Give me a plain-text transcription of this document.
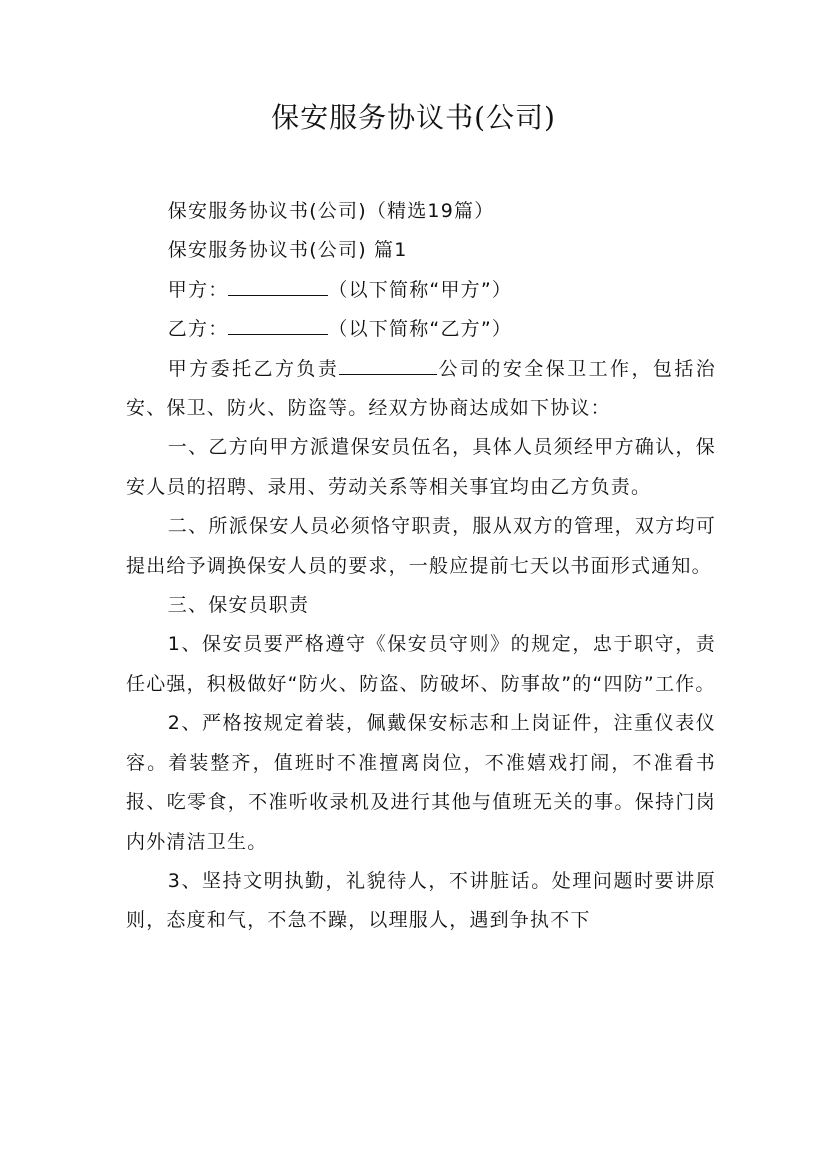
保安服务协议书(公司)

保安服务协议书(公司)（精选19篇）

保安服务协议书(公司) 篇1

甲方：	（以下简称“甲方”）

乙方：	（以下简称“乙方”）

甲方委托乙方负责	公司的安全保卫工作，包括治安、保卫、防火、防盗等。经双方协商达成如下协议：

一、乙方向甲方派遣保安员伍名，具体人员须经甲方确认，保安人员的招聘、录用、劳动关系等相关事宜均由乙方负责。

二、所派保安人员必须恪守职责，服从双方的管理，双方均可提出给予调换保安人员的要求，一般应提前七天以书面形式通知。

三、保安员职责

1、保安员要严格遵守《保安员守则》的规定，忠于职守，责任心强，积极做好“防火、防盗、防破坏、防事故”的“四防”工作。

2、严格按规定着装，佩戴保安标志和上岗证件，注重仪表仪容。着装整齐，值班时不准擅离岗位，不准嬉戏打闹，不准看书报、吃零食，不准听收录机及进行其他与值班无关的事。保持门岗内外清洁卫生。

3、坚持文明执勤，礼貌待人，不讲脏话。处理问题时要讲原则，态度和气，不急不躁，以理服人，遇到争执不下
